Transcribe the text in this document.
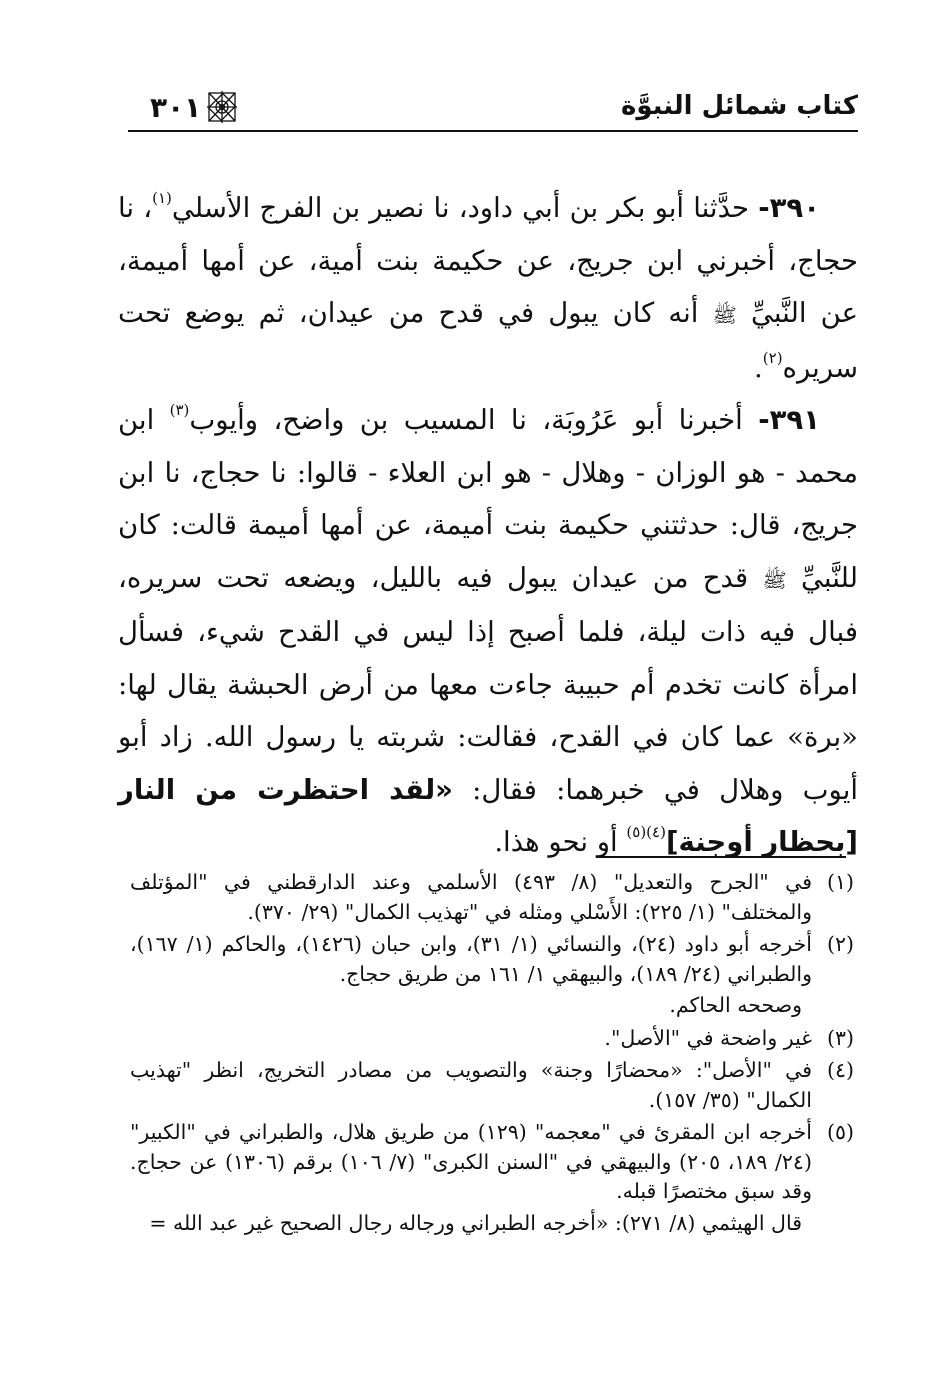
كتاب شمائل النبوَّة
٣٠١

٣٩٠- حدَّثنا أبو بكر بن أبي داود، نا نصير بن الفرج الأسلي$^{(١)}$، نا حجاج، أخبرني ابن جريج، عن حكيمة بنت أمية، عن أمها أميمة، عن النَّبيِّ ﷺ أنه كان يبول في قدح من عيدان، ثم يوضع تحت سريره$^{(٢)}$.

٣٩١- أخبرنا أبو عَرُوبَة، نا المسيب بن واضح، وأيوب$^{(٣)}$ ابن محمد - هو الوزان - وهلال - هو ابن العلاء - قالوا: نا حجاج، نا ابن جريج، قال: حدثتني حكيمة بنت أميمة، عن أمها أميمة قالت: كان للنَّبيِّ ﷺ قدح من عيدان يبول فيه بالليل، ويضعه تحت سريره، فبال فيه ذات ليلة، فلما أصبح إذا ليس في القدح شيء، فسأل امرأة كانت تخدم أم حبيبة جاءت معها من أرض الحبشة يقال لها: «برة» عما كان في القدح، فقالت: شربته يا رسول الله. زاد أبو أيوب وهلال في خبرهما: فقال: «لقد احتظرت من النار [بحظار أوجنة]$^{(٤)(٥)}$ أو نحو هذا.

(١)
في "الجرح والتعديل" (٨/ ٤٩٣) الأسلمي وعند الدارقطني في "المؤتلف والمختلف" (١/ ٢٢٥): الأَسْلي ومثله في "تهذيب الكمال" (٢٩/ ٣٧٠).
(٢)
أخرجه أبو داود (٢٤)، والنسائي (١/ ٣١)، وابن حبان (١٤٢٦)، والحاكم (١/ ١٦٧)، والطبراني (٢٤/ ١٨٩)، والبيهقي ١/ ١٦١ من طريق حجاج.
وصححه الحاكم.
(٣)
غير واضحة في "الأصل".
(٤)
في "الأصل": «محضارًا وجنة» والتصويب من مصادر التخريج، انظر "تهذيب الكمال" (٣٥/ ١٥٧).
(٥)
أخرجه ابن المقرئ في "معجمه" (١٢٩) من طريق هلال، والطبراني في "الكبير" (٢٤/ ١٨٩، ٢٠٥) والبيهقي في "السنن الكبرى" (٧/ ١٠٦) برقم (١٣٠٦) عن حجاج. وقد سبق مختصرًا قبله.
قال الهيثمي (٨/ ٢٧١): «أخرجه الطبراني ورجاله رجال الصحيح غير عبد الله =
